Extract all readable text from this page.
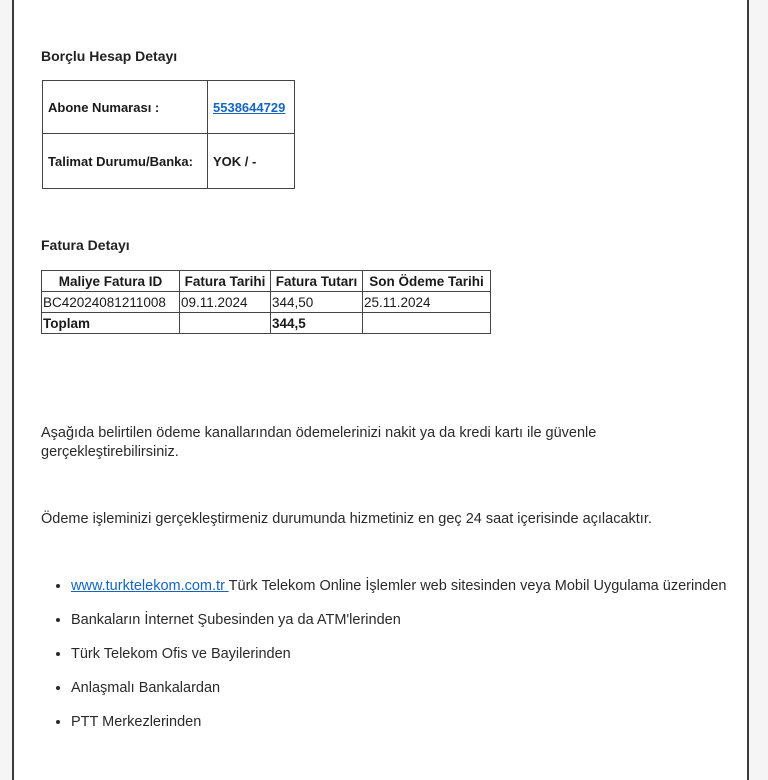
Borçlu Hesap Detayı
Abone Numarası :	5538644729
Talimat Durumu/Banka:	YOK / -
Fatura Detayı
Maliye Fatura ID	Fatura Tarihi	Fatura Tutarı	Son Ödeme Tarihi
BC42024081211008	09.11.2024	344,50	25.11.2024
Toplam		344,5	
Aşağıda belirtilen ödeme kanallarından ödemelerinizi nakit ya da kredi kartı ile güvenle gerçekleştirebilirsiniz.
Ödeme işleminizi gerçekleştirmeniz durumunda hizmetiniz en geç 24 saat içerisinde açılacaktır.
• www.turktelekom.com.tr Türk Telekom Online İşlemler web sitesinden veya Mobil Uygulama üzerinden
• Bankaların İnternet Şubesinden ya da ATM'lerinden
• Türk Telekom Ofis ve Bayilerinden
• Anlaşmalı Bankalardan
• PTT Merkezlerinden
